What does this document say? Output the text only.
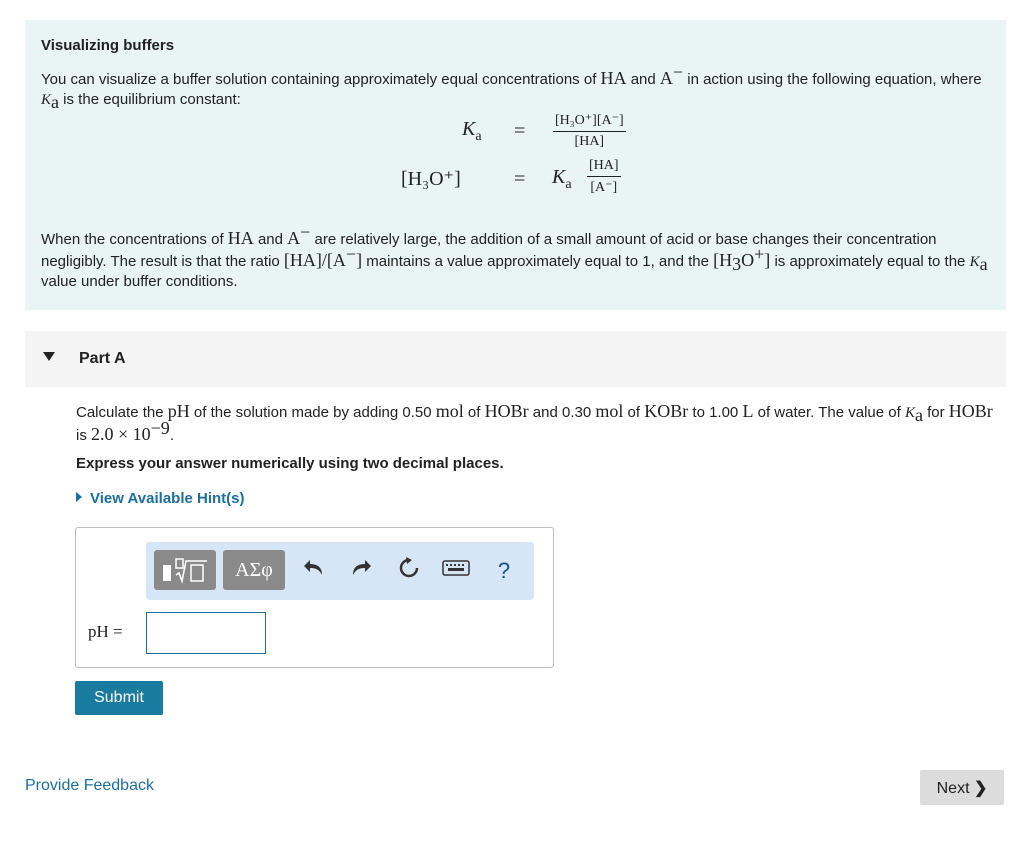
Visualizing buffers

You can visualize a buffer solution containing approximately equal concentrations of HA and A− in action using the following equation, where $K_a$ is the equilibrium constant:

$K_a = \frac{\text{[H₃O⁺][A⁻]}}{[HA]}$
[H₃O⁺]	= $K_a \frac{[HA]}{[A^-]}$

When the concentrations of HA and A− are relatively large, the addition of a small amount of acid or base changes their concentration negligibly. The result is that the ratio [HA]/[A−] maintains a value approximately equal to 1, and the $[H_3O^+]$ is approximately equal to the $K_a$ value under buffer conditions.

Part A
Calculate the pH of the solution made by adding 0.50 mol of HOBr and 0.30 mol of KOBr to 1.00 L of water. The value of $K_a$ for HOBr is $2.0 \times 10^{-9}$.
Express your answer numerically using two decimal places.
View Available Hint(s)
ΑΣφ	?
pH =
Submit
Provide Feedback	Next ❯
